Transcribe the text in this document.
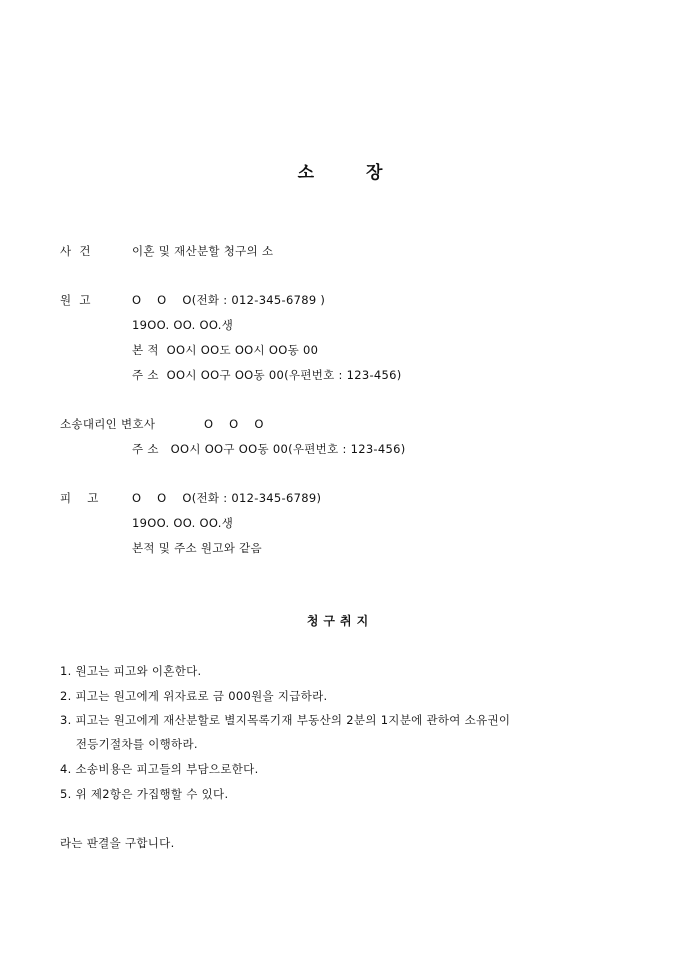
소 장
사  건	이혼 및 재산분할 청구의 소
원  고	O    O    O(전화 : 012-345-6789 )
19OO. OO. OO.생
본 적  OO시 OO도 OO시 OO동 00
주 소  OO시 OO구 OO동 00(우편번호 : 123-456)
소송대리인 변호사	O    O    O
주 소   OO시 OO구 OO동 00(우편번호 : 123-456)
피    고	O    O    O(전화 : 012-345-6789)
19OO. OO. OO.생
본적 및 주소 원고와 같음
청구취지
1. 원고는 피고와 이혼한다.
2. 피고는 원고에게 위자료로 금 000원을 지급하라.
3. 피고는 원고에게 재산분할로 별지목록기재 부동산의 2분의 1지분에 관하여 소유권이
전등기절차를 이행하라.
4. 소송비용은 피고들의 부담으로한다.
5. 위 제2항은 가집행할 수 있다.
라는 판결을 구합니다.
